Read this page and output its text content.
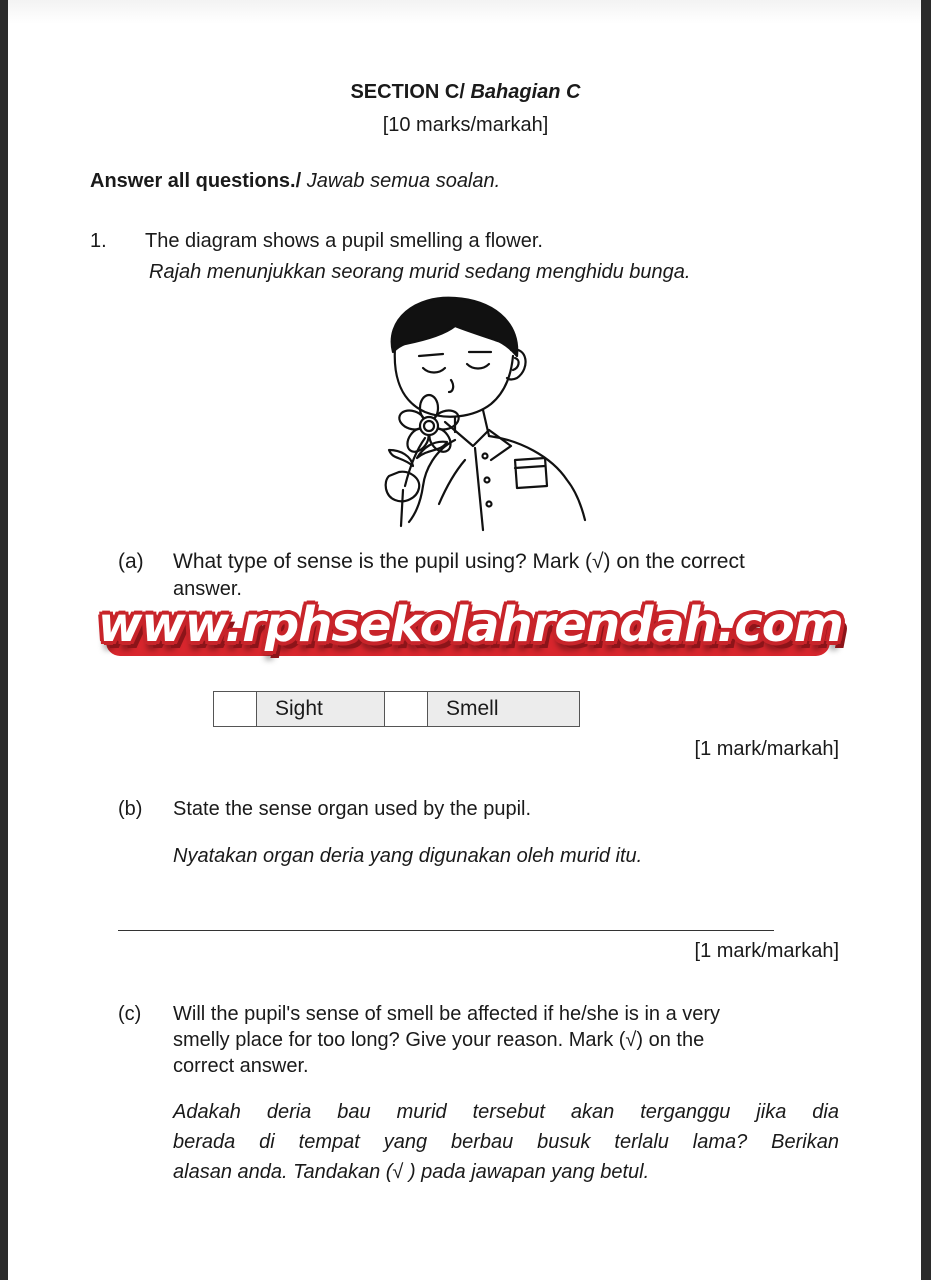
SECTION C/ Bahagian C
[10 marks/markah]
Answer all questions./ Jawab semua soalan.
1. The diagram shows a pupil smelling a flower.
Rajah menunjukkan seorang murid sedang menghidu bunga.
(a) What type of sense is the pupil using? Mark (√) on the correct
answer.
www.rphsekolahrendah.com
	Sight		Smell
[1 mark/markah]
(b) State the sense organ used by the pupil.
Nyatakan organ deria yang digunakan oleh murid itu.
[1 mark/markah]
(c) Will the pupil's sense of smell be affected if he/she is in a very
smelly place for too long? Give your reason. Mark (√) on the
correct answer.
Adakah deria bau murid tersebut akan terganggu jika dia
berada di tempat yang berbau busuk terlalu lama? Berikan
alasan anda. Tandakan (√ ) pada jawapan yang betul.
